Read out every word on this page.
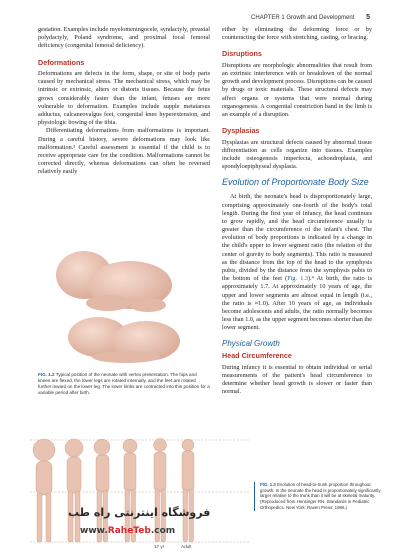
CHAPTER 1 Growth and Development 5

gestation. Examples include myelomeningocele, syndactyly, preaxial polydactyly, Poland syndrome, and proximal focal femoral deficiency (congenital femoral deficiency).

Deformations

Deformations are defects in the form, shape, or site of body parts caused by mechanical stress. The mechanical stress, which may be intrinsic or extrinsic, alters or distorts tissues. Because the fetus grows considerably faster than the infant, fetuses are more vulnerable to deformation. Examples include supple metatarsus adductus, calcaneovalgus feet, congenital knee hyperextension, and physiologic bowing of the tibia.

Differentiating deformations from malformations is important. During a careful history, severe deformations may look like malformation.³ Careful assessment is essential if the child is to receive appropriate care for the condition. Malformations cannot be corrected directly, whereas deformations can often be reversed relatively easily

FIG. 1.2 Typical position of the neonate with vertex presentation. The hips and knees are flexed, the lower legs are rotated internally, and the feet are rotated further inward on the lower leg. The lower limbs are contracted into this position for a variable period after birth.

either by eliminating the deforming force or by counteracting the force with stretching, casting, or bracing.

Disruptions

Disruptions are morphologic abnormalities that result from an extrinsic interference with or breakdown of the normal growth and development process. Disruptions can be caused by drugs or toxic materials. These structural defects may affect organs or systems that were normal during organogenesis. A congenital constriction band in the limb is an example of a disruption.

Dysplasias

Dysplasias are structural defects caused by abnormal tissue differentiation as cells organize into tissues. Examples include osteogenesis imperfecta, achondroplasia, and spondyloepiphyseal dysplasia.

Evolution of Proportionate Body Size

At birth, the neonate's head is disproportionately large, comprising approximately one-fourth of the body's total length. During the first year of infancy, the head continues to grow rapidly, and the head circumference usually is greater than the circumference of the infant's chest. The evolution of body proportions is indicated by a change in the child's upper to lower segment ratio (the relation of the center of gravity to body segments). This ratio is measured as the distance from the top of the head to the symphysis pubis, divided by the distance from the symphysis pubis to the bottom of the feet (Fig. 1.3).⁴ At birth, the ratio is approximately 1.7. At approximately 10 years of age, the upper and lower segments are almost equal in length (i.e., the ratio is ≈1.0). After 10 years of age, as individuals become adolescents and adults, the ratio normally becomes less than 1.0, as the upper segment becomes shorter than the lower segment.

Physical Growth
Head Circumference

During infancy it is essential to obtain individual or serial measurements of the patient's head circumference to determine whether head growth is slower or faster than normal.

17 yr	Adult
FIG. 1.3 Evolution of head-to-trunk proportion throughout growth. In the neonate the head is proportionately significantly larger relative to the trunk than it will be at skeletal maturity. (Reproduced from Hensinger RN. Standards in Pediatric Orthopedics. New York: Raven Press; 1986.)
فروشگاه اینترنتی راه طب
www.RaheTeb.com
